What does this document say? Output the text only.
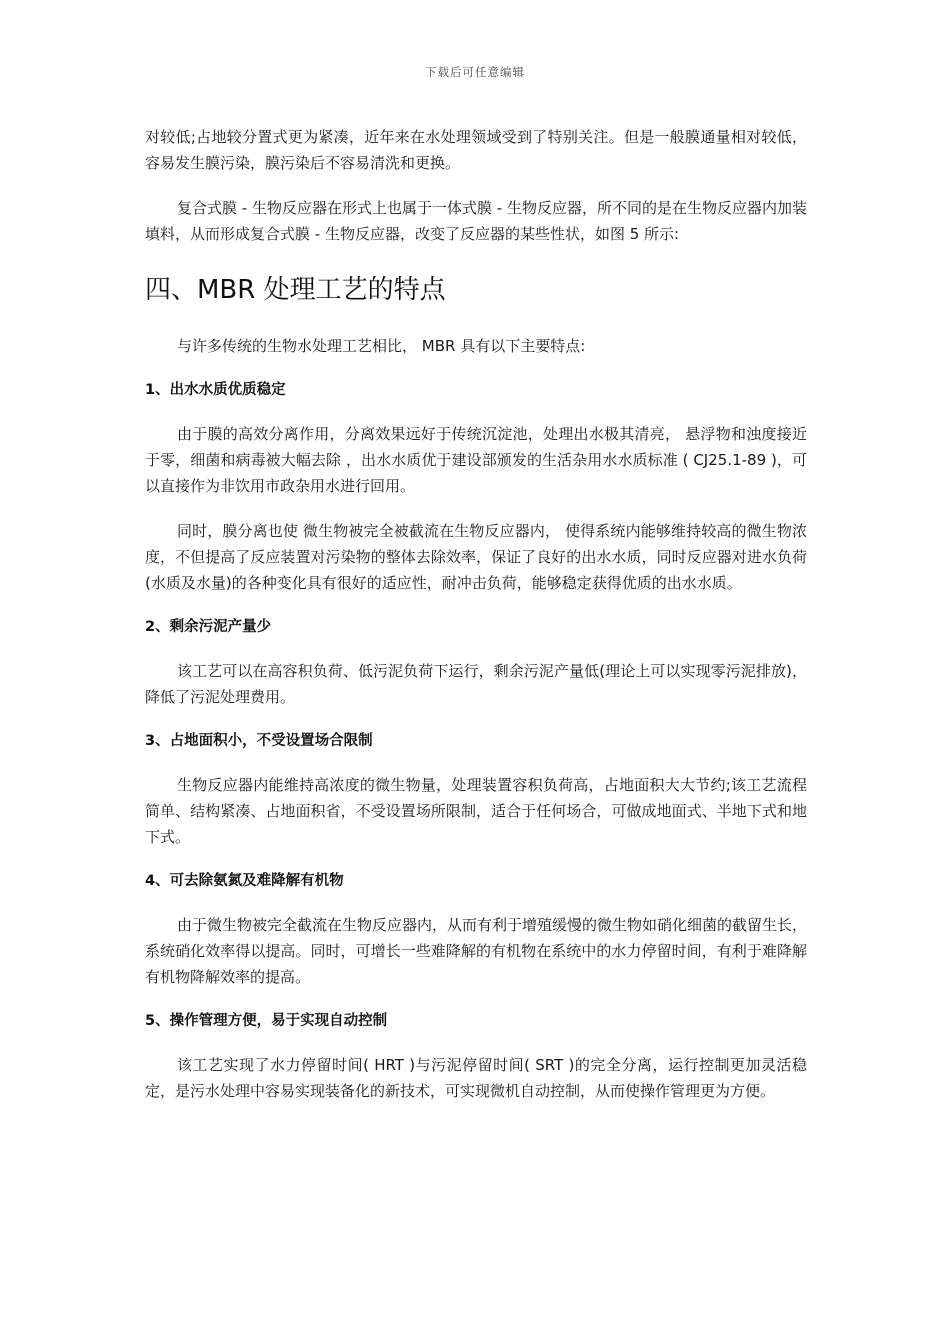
下载后可任意编辑

对较低;占地较分置式更为紧凑，近年来在水处理领域受到了特别关注。但是一般膜通量相对较低，容易发生膜污染，膜污染后不容易清洗和更换。

复合式膜 - 生物反应器在形式上也属于一体式膜 - 生物反应器，所不同的是在生物反应器内加装填料，从而形成复合式膜 - 生物反应器，改变了反应器的某些性状，如图 5 所示:

四、MBR 处理工艺的特点

与许多传统的生物水处理工艺相比， MBR 具有以下主要特点:

1、出水水质优质稳定

由于膜的高效分离作用，分离效果远好于传统沉淀池，处理出水极其清亮， 悬浮物和浊度接近于零，细菌和病毒被大幅去除 ，出水水质优于建设部颁发的生活杂用水水质标准 ( CJ25.1-89 )，可以直接作为非饮用市政杂用水进行回用。

同时，膜分离也使 微生物被完全被截流在生物反应器内， 使得系统内能够维持较高的微生物浓度，不但提高了反应装置对污染物的整体去除效率，保证了良好的出水水质，同时反应器对进水负荷(水质及水量)的各种变化具有很好的适应性，耐冲击负荷，能够稳定获得优质的出水水质。

2、剩余污泥产量少

该工艺可以在高容积负荷、低污泥负荷下运行，剩余污泥产量低(理论上可以实现零污泥排放)，降低了污泥处理费用。

3、占地面积小，不受设置场合限制

生物反应器内能维持高浓度的微生物量，处理装置容积负荷高，占地面积大大节约;该工艺流程简单、结构紧凑、占地面积省，不受设置场所限制，适合于任何场合，可做成地面式、半地下式和地下式。

4、可去除氨氮及难降解有机物

由于微生物被完全截流在生物反应器内，从而有利于增殖缓慢的微生物如硝化细菌的截留生长，系统硝化效率得以提高。同时，可增长一些难降解的有机物在系统中的水力停留时间，有利于难降解有机物降解效率的提高。

5、操作管理方便，易于实现自动控制

该工艺实现了水力停留时间( HRT )与污泥停留时间( SRT )的完全分离，运行控制更加灵活稳定，是污水处理中容易实现装备化的新技术，可实现微机自动控制，从而使操作管理更为方便。
